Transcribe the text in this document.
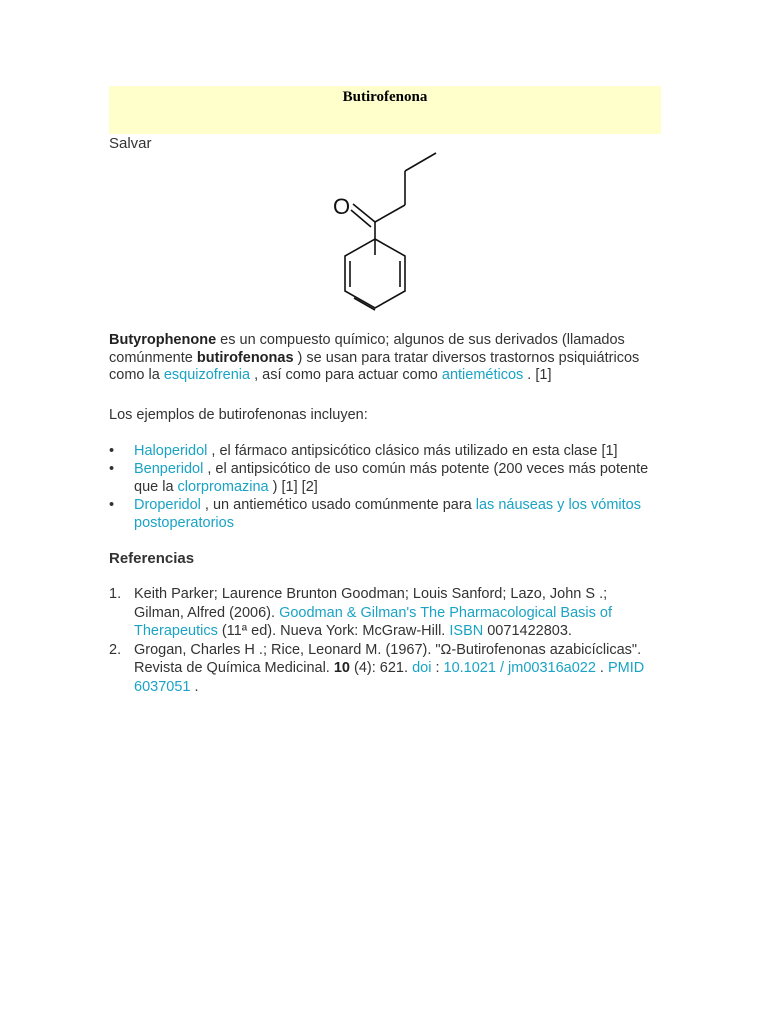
Butirofenona
Salvar
O
Butyrophenone es un compuesto químico; algunos de sus derivados (llamados comúnmente butirofenonas ) se usan para tratar diversos trastornos psiquiátricos como la esquizofrenia , así como para actuar como antieméticos . [1]
Los ejemplos de butirofenonas incluyen:
• Haloperidol , el fármaco antipsicótico clásico más utilizado en esta clase [1]
• Benperidol , el antipsicótico de uso común más potente (200 veces más potente que la clorpromazina ) [1] [2]
• Droperidol , un antiemético usado comúnmente para las náuseas y los vómitos postoperatorios
Referencias
1. Keith Parker; Laurence Brunton Goodman; Louis Sanford; Lazo, John S .; Gilman, Alfred (2006). Goodman & Gilman's The Pharmacological Basis of Therapeutics (11ª ed). Nueva York: McGraw-Hill. ISBN 0071422803.
2. Grogan, Charles H .; Rice, Leonard M. (1967). "Ω-Butirofenonas azabicíclicas". Revista de Química Medicinal. 10 (4): 621. doi : 10.1021 / jm00316a022 . PMID 6037051 .
